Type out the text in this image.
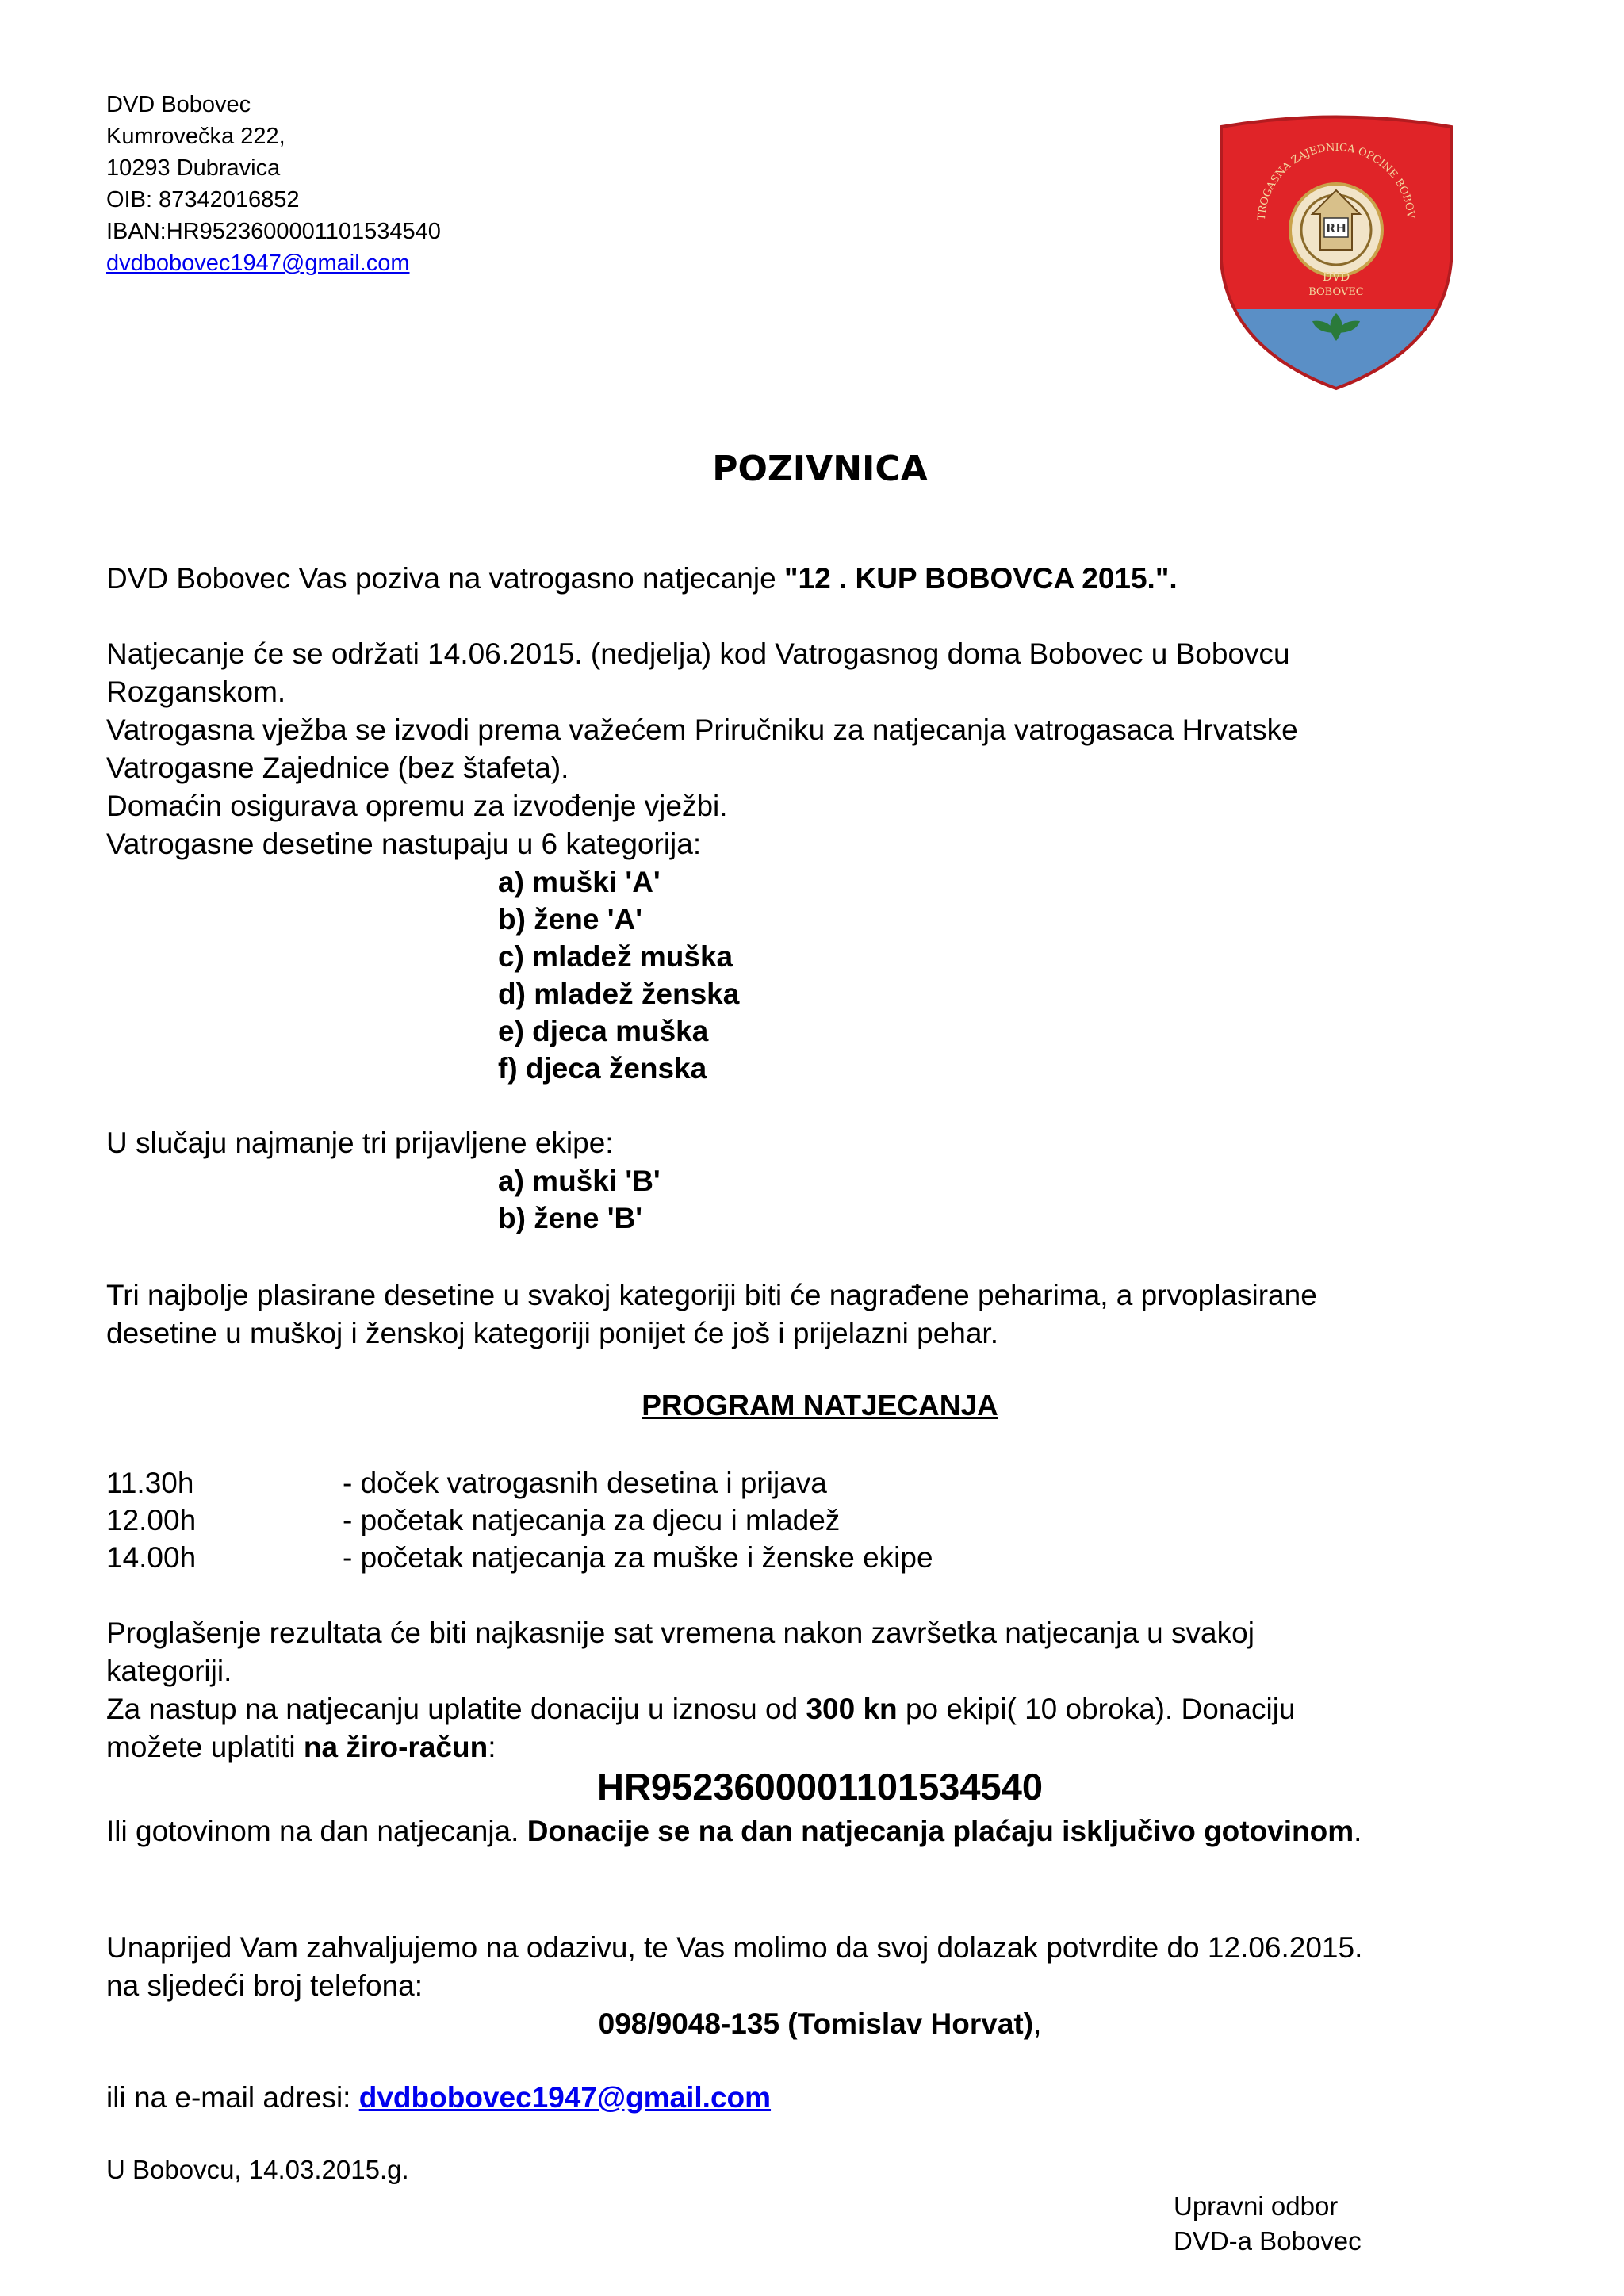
DVD Bobovec
Kumrovečka 222,
10293 Dubravica
OIB: 87342016852
IBAN:HR9523600001101534540
dvdbobovec1947@gmail.com
TROGASNA ZAJEDNICA OPĆINE BOBOV
RH
DVD
BOBOVEC
POZIVNICA
DVD Bobovec Vas poziva na vatrogasno natjecanje "12 . KUP BOBOVCA 2015.".
Natjecanje će se održati 14.06.2015. (nedjelja) kod Vatrogasnog doma Bobovec u Bobovcu
Rozganskom.
Vatrogasna vježba se izvodi prema važećem Priručniku za natjecanja vatrogasaca Hrvatske
Vatrogasne Zajednice (bez štafeta).
Domaćin osigurava opremu za izvođenje vježbi.
Vatrogasne desetine nastupaju u 6 kategorija:
a) muški 'A'
b) žene 'A'
c) mladež muška
d) mladež ženska
e) djeca muška
f) djeca ženska
U slučaju najmanje tri prijavljene ekipe:
a) muški 'B'
b) žene 'B'
Tri najbolje plasirane desetine u svakoj kategoriji biti će nagrađene peharima, a prvoplasirane
desetine u muškoj i ženskoj kategoriji ponijet će još i prijelazni pehar.
PROGRAM NATJECANJA
11.30h	- doček vatrogasnih desetina i prijava
12.00h	- početak natjecanja za djecu i mladež
14.00h	- početak natjecanja za muške i ženske ekipe
Proglašenje rezultata će biti najkasnije sat vremena nakon završetka natjecanja u svakoj
kategoriji.
Za nastup na natjecanju uplatite donaciju u iznosu od 300 kn po ekipi( 10 obroka). Donaciju
možete uplatiti na žiro-račun:
HR9523600001101534540
Ili gotovinom na dan natjecanja. Donacije se na dan natjecanja plaćaju isključivo gotovinom.
Unaprijed Vam zahvaljujemo na odazivu, te Vas molimo da svoj dolazak potvrdite do 12.06.2015.
na sljedeći broj telefona:
098/9048-135 (Tomislav Horvat),
ili na e-mail adresi: dvdbobovec1947@gmail.com
U Bobovcu, 14.03.2015.g.
Upravni odbor
DVD-a Bobovec
